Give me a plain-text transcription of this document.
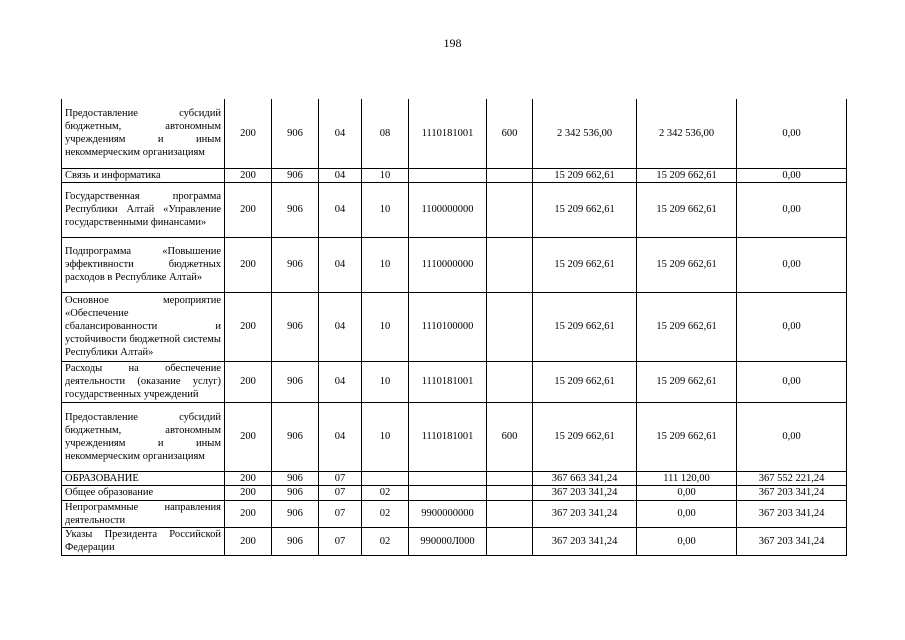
198
Предоставление субсидий бюджетным, автономным учреждениям и иным некоммерческим организациям	200	906	04	08	1110181001	600	2 342 536,00	2 342 536,00	0,00
Связь и информатика	200	906	04	10			15 209 662,61	15 209 662,61	0,00
Государственная программа Республики Алтай «Управление государственными финансами»	200	906	04	10	1100000000		15 209 662,61	15 209 662,61	0,00
Подпрограмма «Повышение эффективности бюджетных расходов в Республике Алтай»	200	906	04	10	1110000000		15 209 662,61	15 209 662,61	0,00
Основное мероприятие «Обеспечение сбалансированности и устойчивости бюджетной системы Республики Алтай»	200	906	04	10	1110100000		15 209 662,61	15 209 662,61	0,00
Расходы на обеспечение деятельности (оказание услуг) государственных учреждений	200	906	04	10	1110181001		15 209 662,61	15 209 662,61	0,00
Предоставление субсидий бюджетным, автономным учреждениям и иным некоммерческим организациям	200	906	04	10	1110181001	600	15 209 662,61	15 209 662,61	0,00
ОБРАЗОВАНИЕ	200	906	07				367 663 341,24	111 120,00	367 552 221,24
Общее образование	200	906	07	02			367 203 341,24	0,00	367 203 341,24
Непрограммные направления деятельности	200	906	07	02	9900000000		367 203 341,24	0,00	367 203 341,24
Указы Президента Российской Федерации	200	906	07	02	990000Л000		367 203 341,24	0,00	367 203 341,24
